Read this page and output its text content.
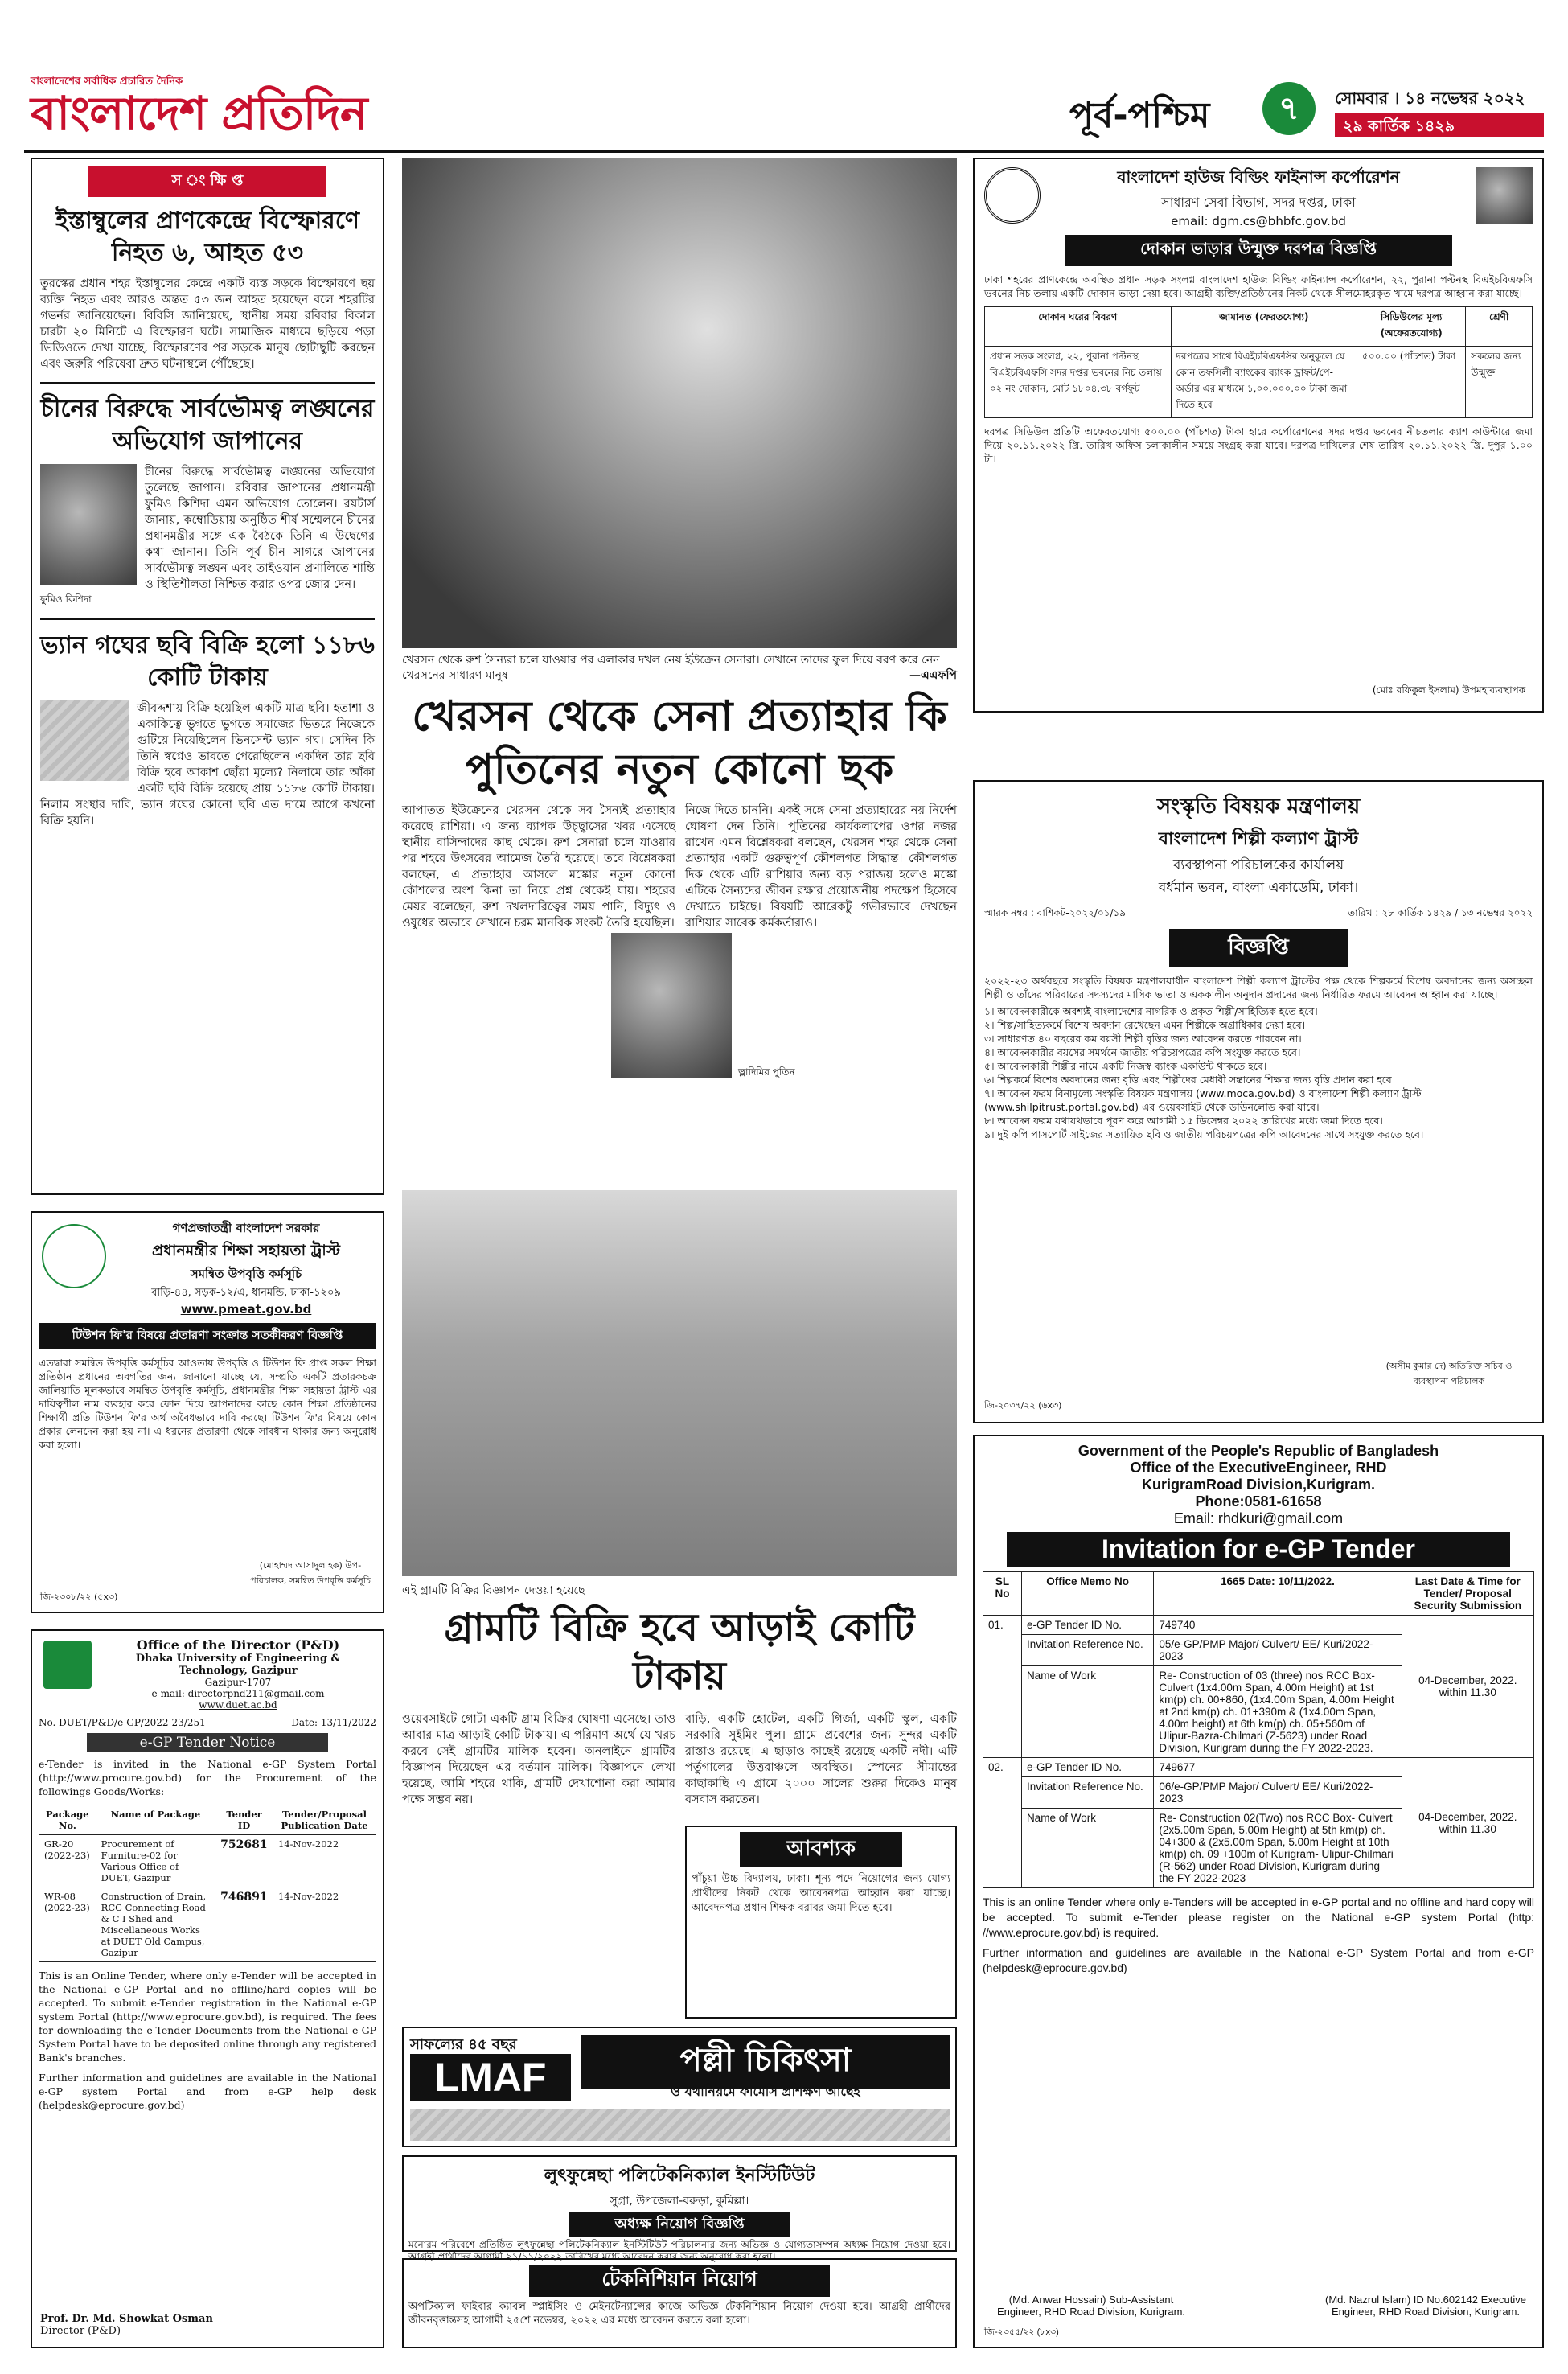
বাংলাদেশের সর্বাধিক প্রচারিত দৈনিক
বাংলাদেশ প্রতিদিন	পূর্ব-পশ্চিম	৭	সোমবার । ১৪ নভেম্বর ২০২২
২৯ কার্তিক ১৪২৯
স ং ক্ষি প্ত
ইস্তাম্বুলের প্রাণকেন্দ্রে বিস্ফোরণে নিহত ৬, আহত ৫৩

তুরস্কের প্রধান শহর ইস্তাম্বুলের কেন্দ্রে একটি ব্যস্ত সড়কে বিস্ফোরণে ছয় ব্যক্তি নিহত এবং আরও অন্তত ৫৩ জন আহত হয়েছেন বলে শহরটির গভর্নর জানিয়েছেন। বিবিসি জানিয়েছে, স্থানীয় সময় রবিবার বিকাল চারটা ২০ মিনিটে এ বিস্ফোরণ ঘটে। সামাজিক মাধ্যমে ছড়িয়ে পড়া ভিডিওতে দেখা যাচ্ছে, বিস্ফোরণের পর সড়কে মানুষ ছোটাছুটি করছেন এবং জরুরি পরিষেবা দ্রুত ঘটনাস্থলে পৌঁছেছে।

চীনের বিরুদ্ধে সার্বভৌমত্ব লঙ্ঘনের অভিযোগ জাপানের

চীনের বিরুদ্ধে সার্বভৌমত্ব লঙ্ঘনের অভিযোগ তুলেছে জাপান। রবিবার জাপানের প্রধানমন্ত্রী ফুমিও কিশিদা এমন অভিযোগ তোলেন। রয়টার্স জানায়, কম্বোডিয়ায় অনুষ্ঠিত শীর্ষ সম্মেলনে চীনের প্রধানমন্ত্রীর সঙ্গে এক বৈঠকে তিনি এ উদ্বেগের কথা জানান। তিনি পূর্ব চীন সাগরে জাপানের সার্বভৌমত্ব লঙ্ঘন এবং তাইওয়ান প্রণালিতে শান্তি ও স্থিতিশীলতা নিশ্চিত করার ওপর জোর দেন।

ফুমিও কিশিদা
ভ্যান গঘের ছবি বিক্রি হলো ১১৮৬ কোটি টাকায়

জীবদ্দশায় বিক্রি হয়েছিল একটি মাত্র ছবি। হতাশা ও একাকিত্বে ভুগতে ভুগতে সমাজের ভিতরে নিজেকে গুটিয়ে নিয়েছিলেন ভিনসেন্ট ভ্যান গঘ। সেদিন কি তিনি স্বপ্নেও ভাবতে পেরেছিলেন একদিন তার ছবি বিক্রি হবে আকাশ ছোঁয়া মূল্যে? নিলামে তার আঁকা একটি ছবি বিক্রি হয়েছে প্রায় ১১৮৬ কোটি টাকায়। নিলাম সংস্থার দাবি, ভ্যান গঘের কোনো ছবি এত দামে আগে কখনো বিক্রি হয়নি।

খেরসন থেকে রুশ সৈন্যরা চলে যাওয়ার পর এলাকার দখল নেয় ইউক্রেন সেনারা। সেখানে তাদের ফুল দিয়ে বরণ করে নেন খেরসনের সাধারণ মানুষ	—এএফপি
খেরসন থেকে সেনা প্রত্যাহার কি পুতিনের নতুন কোনো ছক

আপাতত ইউক্রেনের খেরসন থেকে সব সৈন্যই প্রত্যাহার করেছে রাশিয়া। এ জন্য ব্যাপক উচ্ছ্বাসের খবর এসেছে স্থানীয় বাসিন্দাদের কাছ থেকে। রুশ সেনারা চলে যাওয়ার পর শহরে উৎসবের আমেজ তৈরি হয়েছে। তবে বিশ্লেষকরা বলছেন, এ প্রত্যাহার আসলে মস্কোর নতুন কোনো কৌশলের অংশ কিনা তা নিয়ে প্রশ্ন থেকেই যায়। শহরের মেয়র বলেছেন, রুশ দখলদারিত্বের সময় পানি, বিদ্যুৎ ও ওষুধের অভাবে সেখানে চরম মানবিক সংকট তৈরি হয়েছিল।

নিজে দিতে চাননি। একই সঙ্গে সেনা প্রত্যাহারের নয় নির্দেশ ঘোষণা দেন তিনি। পুতিনের কার্যকলাপের ওপর নজর রাখেন এমন বিশ্লেষকরা বলছেন, খেরসন শহর থেকে সেনা প্রত্যাহার একটি গুরুত্বপূর্ণ কৌশলগত সিদ্ধান্ত। কৌশলগত দিক থেকে এটি রাশিয়ার জন্য বড় পরাজয় হলেও মস্কো এটিকে সৈন্যদের জীবন রক্ষার প্রয়োজনীয় পদক্ষেপ হিসেবে দেখাতে চাইছে। বিষয়টি আরেকটু গভীরভাবে দেখছেন রাশিয়ার সাবেক কর্মকর্তারাও।

ভ্লাদিমির পুতিন
এই গ্রামটি বিক্রির বিজ্ঞাপন দেওয়া হয়েছে
গ্রামটি বিক্রি হবে আড়াই কোটি টাকায়

ওয়েবসাইটে গোটা একটি গ্রাম বিক্রির ঘোষণা এসেছে। তাও আবার মাত্র আড়াই কোটি টাকায়। এ পরিমাণ অর্থে যে খরচ করবে সেই গ্রামটির মালিক হবেন। অনলাইনে গ্রামটির বিজ্ঞাপন দিয়েছেন এর বর্তমান মালিক। বিজ্ঞাপনে লেখা হয়েছে, আমি শহরে থাকি, গ্রামটি দেখাশোনা করা আমার পক্ষে সম্ভব নয়।

বাড়ি, একটি হোটেল, একটি গির্জা, একটি স্কুল, একটি সরকারি সুইমিং পুল। গ্রামে প্রবেশের জন্য সুন্দর একটি রাস্তাও রয়েছে। এ ছাড়াও কাছেই রয়েছে একটি নদী। এটি পর্তুগালের উত্তরাঞ্চলে অবস্থিত। স্পেনের সীমান্তের কাছাকাছি এ গ্রামে ২০০০ সালের শুরুর দিকেও মানুষ বসবাস করতেন।

আবশ্যক

পাঁচুয়া উচ্চ বিদ্যালয়, ঢাকা। শূন্য পদে নিয়োগের জন্য যোগ্য প্রার্থীদের নিকট থেকে আবেদনপত্র আহ্বান করা যাচ্ছে। আবেদনপত্র প্রধান শিক্ষক বরাবর জমা দিতে হবে।

সাফল্যের ৪৫ বছর
LMAF	পল্লী চিকিৎসা
ও যথানিয়মে ফার্মেসি প্রশিক্ষণ আছেই
লুৎফুন্নেছা পলিটেকনিক্যাল ইনস্টিটিউট
সুগ্রা, উপজেলা-বরুড়া, কুমিল্লা।
অধ্যক্ষ নিয়োগ বিজ্ঞপ্তি

মনোরম পরিবেশে প্রতিষ্ঠিত লুৎফুন্নেছা পলিটেকনিক্যাল ইনস্টিটিউট পরিচালনার জন্য অভিজ্ঞ ও যোগ্যতাসম্পন্ন অধ্যক্ষ নিয়োগ দেওয়া হবে। আগ্রহী প্রার্থীদের আগামী ২১/১১/২০২২ তারিখের মধ্যে আবেদন করার জন্য অনুরোধ করা হলো।

টেকনিশিয়ান নিয়োগ

অপটিক্যাল ফাইবার ক্যাবল স্প্লাইসিং ও মেইনটেন্যান্সের কাজে অভিজ্ঞ টেকনিশিয়ান নিয়োগ দেওয়া হবে। আগ্রহী প্রার্থীদের জীবনবৃত্তান্তসহ আগামী ২৫শে নভেম্বর, ২০২২ এর মধ্যে আবেদন করতে বলা হলো।

গণপ্রজাতন্ত্রী বাংলাদেশ সরকার
প্রধানমন্ত্রীর শিক্ষা সহায়তা ট্রাস্ট
সমন্বিত উপবৃত্তি কর্মসূচি
বাড়ি-৪৪, সড়ক-১২/এ, ধানমন্ডি, ঢাকা-১২০৯
www.pmeat.gov.bd
টিউশন ফি'র বিষয়ে প্রতারণা সংক্রান্ত সতর্কীকরণ বিজ্ঞপ্তি

এতদ্বারা সমন্বিত উপবৃত্তি কর্মসূচির আওতায় উপবৃত্তি ও টিউশন ফি প্রাপ্ত সকল শিক্ষা প্রতিষ্ঠান প্রধানের অবগতির জন্য জানানো যাচ্ছে যে, সম্প্রতি একটি প্রতারকচক্র জালিয়াতি মূলকভাবে সমন্বিত উপবৃত্তি কর্মসূচি, প্রধানমন্ত্রীর শিক্ষা সহায়তা ট্রাস্ট এর দায়িত্বশীল নাম ব্যবহার করে ফোন দিয়ে আপনাদের কাছে কোন শিক্ষা প্রতিষ্ঠানের শিক্ষার্থী প্রতি টিউশন ফি'র অর্থ অবৈধভাবে দাবি করছে। টিউশন ফি'র বিষয়ে কোন প্রকার লেনদেন করা হয় না। এ ধরনের প্রতারণা থেকে সাবধান থাকার জন্য অনুরোধ করা হলো।

(মোহাম্মদ আসাদুল হক) উপ-পরিচালক, সমন্বিত উপবৃত্তি কর্মসূচি
জি-২৩০৮/২২ (৫x৩)
Office of the Director (P&D)
Dhaka University of Engineering & Technology, Gazipur
Gazipur-1707
e-mail: directorpnd211@gmail.com
www.duet.ac.bd
No. DUET/P&D/e-GP/2022-23/251	Date: 13/11/2022
e-GP Tender Notice

e-Tender is invited in the National e-GP System Portal (http://www.procure.gov.bd) for the Procurement of the followings Goods/Works:

Package No.	Name of Package	Tender ID	Tender/Proposal Publication Date
GR-20 (2022-23)	Procurement of Furniture-02 for Various Office of DUET, Gazipur	752681	14-Nov-2022
WR-08 (2022-23)	Construction of Drain, RCC Connecting Road & C I Shed and Miscellaneous Works at DUET Old Campus, Gazipur	746891	14-Nov-2022

This is an Online Tender, where only e-Tender will be accepted in the National e-GP Portal and no offline/hard copies will be accepted. To submit e-Tender registration in the National e-GP system Portal (http://www.eprocure.gov.bd), is required. The fees for downloading the e-Tender Documents from the National e-GP System Portal have to be deposited online through any registered Bank's branches.

Further information and guidelines are available in the National e-GP system Portal and from e-GP help desk (helpdesk@eprocure.gov.bd)

Prof. Dr. Md. Showkat Osman
Director (P&D)
বাংলাদেশ হাউজ বিল্ডিং ফাইনান্স কর্পোরেশন
সাধারণ সেবা বিভাগ, সদর দপ্তর, ঢাকা
email: dgm.cs@bhbfc.gov.bd
দোকান ভাড়ার উন্মুক্ত দরপত্র বিজ্ঞপ্তি

ঢাকা শহরের প্রাণকেন্দ্রে অবস্থিত প্রধান সড়ক সংলগ্ন বাংলাদেশ হাউজ বিল্ডিং ফাইন্যান্স কর্পোরেশন, ২২, পুরানা পল্টনস্থ বিএইচবিএফসি ভবনের নিচ তলায় একটি দোকান ভাড়া দেয়া হবে। আগ্রহী ব্যক্তি/প্রতিষ্ঠানের নিকট থেকে সীলমোহরকৃত খামে দরপত্র আহ্বান করা যাচ্ছে।

দোকান ঘরের বিবরণ	জামানত (ফেরতযোগ্য)	সিডিউলের মূল্য (অফেরতযোগ্য)	শ্রেণী
প্রধান সড়ক সংলগ্ন, ২২, পুরানা পল্টনস্থ বিএইচবিএফসি সদর দপ্তর ভবনের নিচ তলায় ০২ নং দোকান, মোট ১৮০৪.৩৮ বর্গফুট	দরপত্রের সাথে বিএইচবিএফসির অনুকূলে যে কোন তফসিলী ব্যাংকের ব্যাংক ড্রাফট/পে-অর্ডার এর মাধ্যমে ১,০০,০০০.০০ টাকা জমা দিতে হবে	৫০০.০০ (পাঁচশত) টাকা	সকলের জন্য উন্মুক্ত

দরপত্র সিডিউল প্রতিটি অফেরতযোগ্য ৫০০.০০ (পাঁচশত) টাকা হারে কর্পোরেশনের সদর দপ্তর ভবনের নীচতলার ক্যাশ কাউন্টারে জমা দিয়ে ২০.১১.২০২২ খ্রি. তারিখ অফিস চলাকালীন সময়ে সংগ্রহ করা যাবে। দরপত্র দাখিলের শেষ তারিখ ২০.১১.২০২২ খ্রি. দুপুর ১.০০ টা।

(মোঃ রফিকুল ইসলাম) উপমহাব্যবস্থাপক
সংস্কৃতি বিষয়ক মন্ত্রণালয়
বাংলাদেশ শিল্পী কল্যাণ ট্রাস্ট
ব্যবস্থাপনা পরিচালকের কার্যালয়
বর্ধমান ভবন, বাংলা একাডেমি, ঢাকা।
স্মারক নম্বর : বাশিকট-২০২২/০১/১৯	তারিখ : ২৮ কার্তিক ১৪২৯ / ১৩ নভেম্বর ২০২২
বিজ্ঞপ্তি

২০২২-২৩ অর্থবছরে সংস্কৃতি বিষয়ক মন্ত্রণালয়াধীন বাংলাদেশ শিল্পী কল্যাণ ট্রাস্টের পক্ষ থেকে শিল্পকর্মে বিশেষ অবদানের জন্য অসচ্ছল শিল্পী ও তাঁদের পরিবারের সদস্যদের মাসিক ভাতা ও এককালীন অনুদান প্রদানের জন্য নির্ধারিত ফরমে আবেদন আহ্বান করা যাচ্ছে।

১। আবেদনকারীকে অবশ্যই বাংলাদেশের নাগরিক ও প্রকৃত শিল্পী/সাহিত্যিক হতে হবে।
২। শিল্প/সাহিত্যকর্মে বিশেষ অবদান রেখেছেন এমন শিল্পীকে অগ্রাধিকার দেয়া হবে।
৩। সাধারণত ৪০ বছরের কম বয়সী শিল্পী বৃত্তির জন্য আবেদন করতে পারবেন না।
৪। আবেদনকারীর বয়সের সমর্থনে জাতীয় পরিচয়পত্রের কপি সংযুক্ত করতে হবে।
৫। আবেদনকারী শিল্পীর নামে একটি নিজস্ব ব্যাংক একাউন্ট থাকতে হবে।
৬। শিল্পকর্মে বিশেষ অবদানের জন্য বৃত্তি এবং শিল্পীদের মেধাবী সন্তানের শিক্ষার জন্য বৃত্তি প্রদান করা হবে।
৭। আবেদন ফরম বিনামূল্যে সংস্কৃতি বিষয়ক মন্ত্রণালয় (www.moca.gov.bd) ও বাংলাদেশ শিল্পী কল্যাণ ট্রাস্ট (www.shilpitrust.portal.gov.bd) এর ওয়েবসাইট থেকে ডাউনলোড করা যাবে।
৮। আবেদন ফরম যথাযথভাবে পূরণ করে আগামী ১৫ ডিসেম্বর ২০২২ তারিখের মধ্যে জমা দিতে হবে।
৯। দুই কপি পাসপোর্ট সাইজের সত্যায়িত ছবি ও জাতীয় পরিচয়পত্রের কপি আবেদনের সাথে সংযুক্ত করতে হবে।
(অসীম কুমার দে) অতিরিক্ত সচিব ও ব্যবস্থাপনা পরিচালক
জি-২০৩৭/২২ (৬x৩)
Government of the People's Republic of Bangladesh
Office of the ExecutiveEngineer, RHD
KurigramRoad Division,Kurigram.
Phone:0581-61658
Email: rhdkuri@gmail.com
Invitation for e-GP Tender
SL No	Office Memo No	1665 Date: 10/11/2022.	Last Date & Time for Tender/ Proposal Security Submission
01.	e-GP Tender ID No.	749740	04-December, 2022. within 11.30
	Invitation Reference No.	05/e-GP/PMP Major/ Culvert/ EE/ Kuri/2022-2023	
	Name of Work	Re- Construction of 03 (three) nos RCC Box-Culvert (1x4.00m Span, 4.00m Height) at 1st km(p) ch. 00+860, (1x4.00m Span, 4.00m Height at 2nd km(p) ch. 01+390m & (1x4.00m Span, 4.00m height) at 6th km(p) ch. 05+560m of Ulipur-Bazra-Chilmari (Z-5623) under Road Division, Kurigram during the FY 2022-2023.	
02.	e-GP Tender ID No.	749677	04-December, 2022. within 11.30
	Invitation Reference No.	06/e-GP/PMP Major/ Culvert/ EE/ Kuri/2022-2023	
	Name of Work	Re- Construction 02(Two) nos RCC Box- Culvert (2x5.00m Span, 5.00m Height) at 5th km(p) ch. 04+300 & (2x5.00m Span, 5.00m Height at 10th km(p) ch. 09 +100m of Kurigram- Ulipur-Chilmari (R-562) under Road Division, Kurigram during the FY 2022-2023	

This is an online Tender where only e-Tenders will be accepted in e-GP portal and no offline and hard copy will be accepted. To submit e-Tender please register on the National e-GP system Portal (http: //www.eprocure.gov.bd) is required.

Further information and guidelines are available in the National e-GP System Portal and from e-GP (helpdesk@eprocure.gov.bd)

(Md. Anwar Hossain) Sub-Assistant Engineer, RHD Road Division, Kurigram.
(Md. Nazrul Islam) ID No.602142 Executive Engineer, RHD Road Division, Kurigram.
জি-২৩৫৫/২২ (৮x৩)
